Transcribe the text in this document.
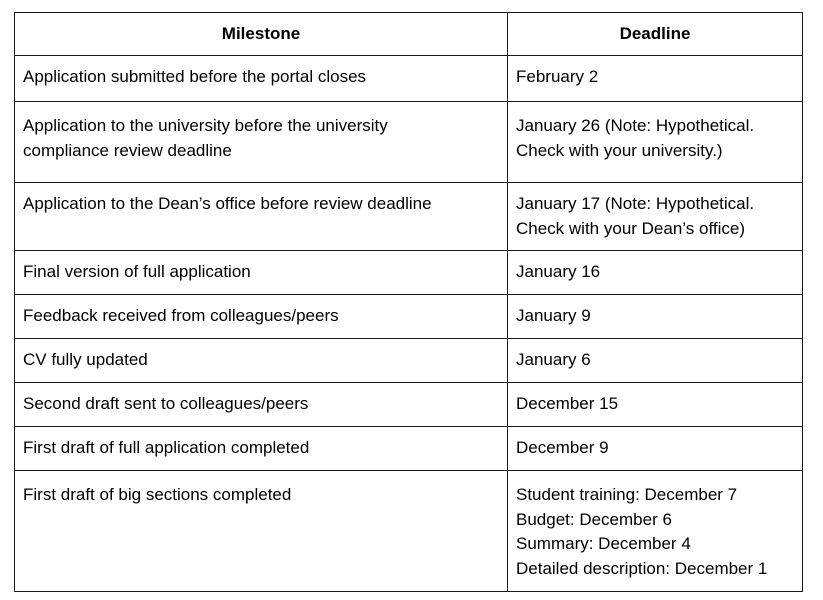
Milestone	Deadline

Application submitted before the portal closes	February 2

Application to the university before the university
compliance review deadline	January 26 (Note: Hypothetical.
Check with your university.)

Application to the Dean’s office before review deadline	January 17 (Note: Hypothetical.
Check with your Dean’s office)

Final version of full application	January 16

Feedback received from colleagues/peers	January 9

CV fully updated	January 6

Second draft sent to colleagues/peers	December 15

First draft of full application completed	December 9

First draft of big sections completed	Student training: December 7
Budget: December 6
Summary: December 4
Detailed description: December 1
